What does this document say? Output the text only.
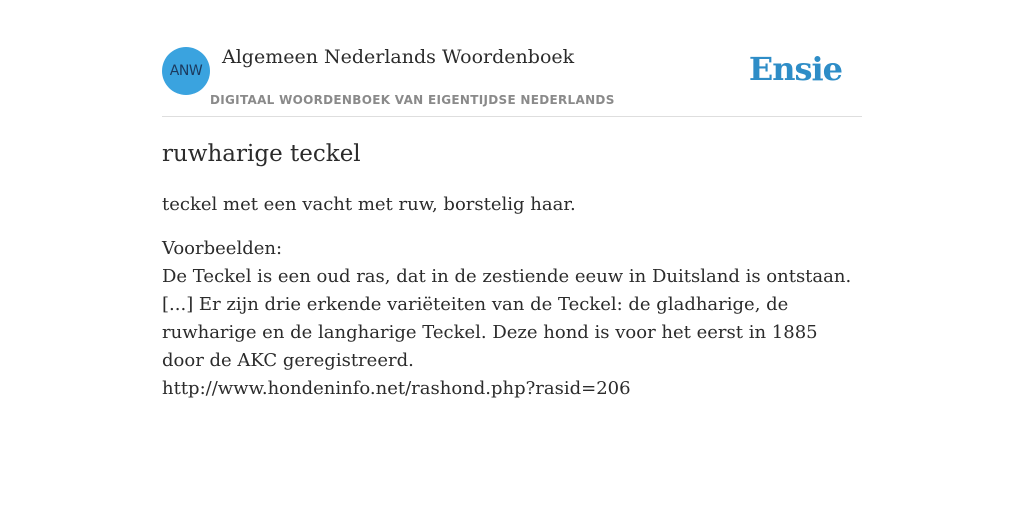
ANW
Algemeen Nederlands Woordenboek
DIGITAAL WOORDENBOEK VAN EIGENTIJDSE NEDERLANDS
Ensie
ruwharige teckel
teckel met een vacht met ruw, borstelig haar.
Voorbeelden:
De Teckel is een oud ras, dat in de zestiende eeuw in Duitsland is ontstaan. [...] Er zijn drie erkende variëteiten van de Teckel: de gladharige, de ruwharige en de langharige Teckel. Deze hond is voor het eerst in 1885 door de AKC geregistreerd.
http://www.hondeninfo.net/rashond.php?rasid=206
